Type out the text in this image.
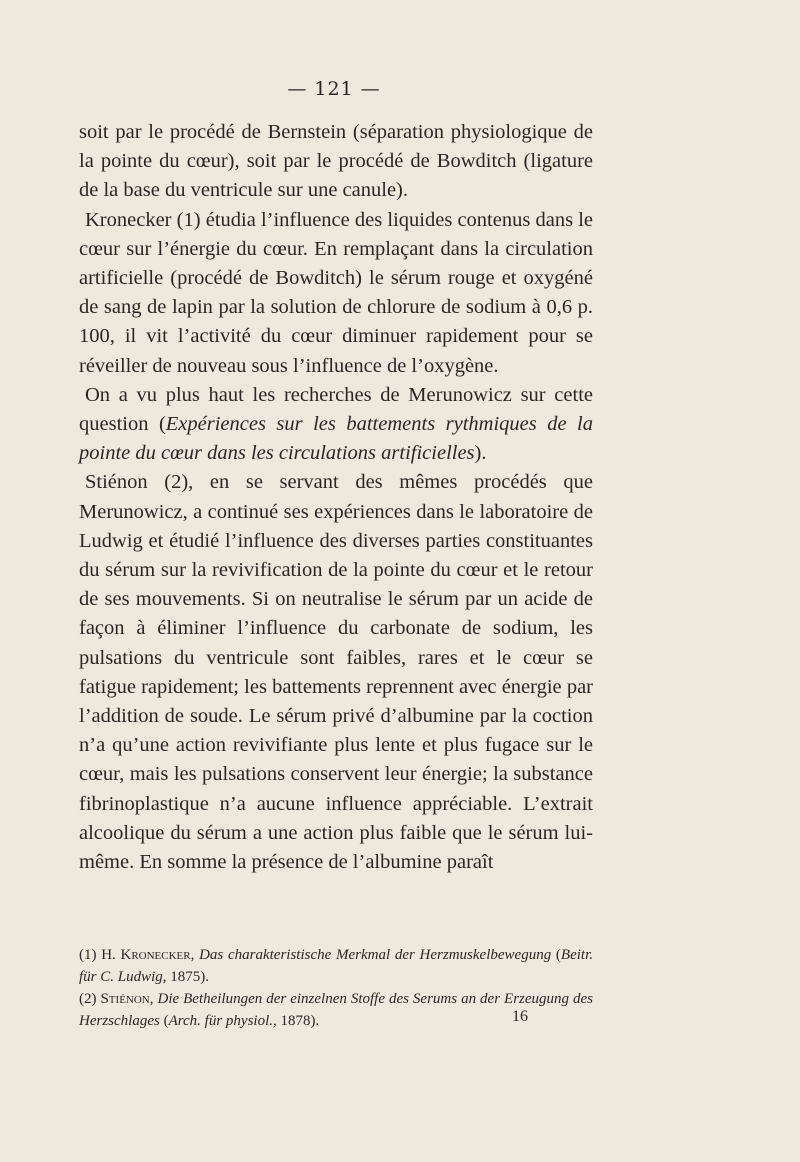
— 121 —

soit par le procédé de Bernstein (séparation physiologique de la pointe du cœur), soit par le procédé de Bowditch (ligature de la base du ventricule sur une canule).

Kronecker (1) étudia l’influence des liquides contenus dans le cœur sur l’énergie du cœur. En remplaçant dans la circulation artificielle (procédé de Bowditch) le sérum rouge et oxygéné de sang de lapin par la solution de chlorure de sodium à 0,6 p. 100, il vit l’activité du cœur diminuer rapidement pour se réveiller de nouveau sous l’influence de l’oxygène.

On a vu plus haut les recherches de Merunowicz sur cette question (Expériences sur les battements rythmiques de la pointe du cœur dans les circulations artificielles).

Stiénon (2), en se servant des mêmes procédés que Merunowicz, a continué ses expériences dans le laboratoire de Ludwig et étudié l’influence des diverses parties constituantes du sérum sur la revivification de la pointe du cœur et le retour de ses mouvements. Si on neutralise le sérum par un acide de façon à éliminer l’influence du carbonate de sodium, les pulsations du ventricule sont faibles, rares et le cœur se fatigue rapidement; les battements reprennent avec énergie par l’addition de soude. Le sérum privé d’albumine par la coction n’a qu’une action revivifiante plus lente et plus fugace sur le cœur, mais les pulsations conservent leur énergie; la substance fibrinoplastique n’a aucune influence appréciable. L’extrait alcoolique du sérum a une action plus faible que le sérum lui-même. En somme la présence de l’albumine paraît

(1) H. Kronecker, Das charakteristische Merkmal der Herzmuskelbewegung (Beitr. für C. Ludwig, 1875).

(2) Stiénon, Die Betheilungen der einzelnen Stoffe des Serums an der Erzeugung des Herzschlages (Arch. für physiol., 1878).	16
